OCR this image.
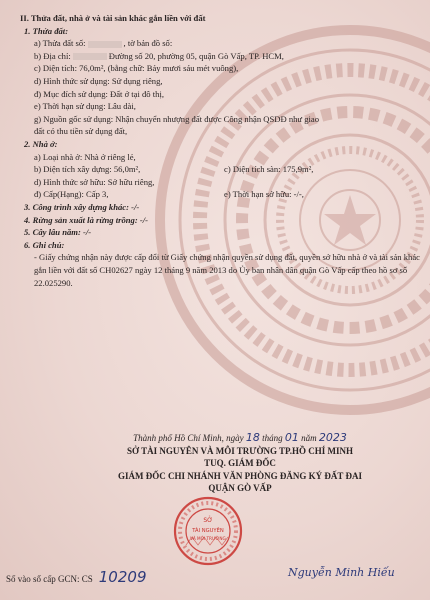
II. Thửa đất, nhà ở và tài sản khác gắn liền với đất
1. Thửa đất:
a) Thửa đất số:	, tờ bản đồ số:
b) Địa chỉ:	Đường số 20, phường 05, quận Gò Vấp, TP. HCM,
c) Diện tích: 76,0m², (bằng chữ: Bảy mươi sáu mét vuông),
d) Hình thức sử dụng: Sử dụng riêng,
đ) Mục đích sử dụng: Đất ở tại đô thị,
e) Thời hạn sử dụng: Lâu dài,
g) Nguồn gốc sử dụng: Nhận chuyển nhượng đất được Công nhận QSDĐ như giao
đất có thu tiền sử dụng đất,
2. Nhà ở:
a) Loại nhà ở: Nhà ở riêng lẻ,
b) Diện tích xây dựng: 56,0m²,	c) Diện tích sàn: 175,9m²,
d) Hình thức sở hữu: Sở hữu riêng,
đ) Cấp(Hạng): Cấp 3,	e) Thời hạn sở hữu: -/-,
3. Công trình xây dựng khác: -/-
4. Rừng sản xuất là rừng trồng: -/-
5. Cây lâu năm: -/-
6. Ghi chú:
- Giấy chứng nhận này được cấp đổi từ Giấy chứng nhận quyền sử dụng đất, quyền sở hữu nhà ở và tài sản khác gắn liền với đất số CH02627 ngày 12 tháng 9 năm 2013 do Ủy ban nhân dân quận Gò Vấp cấp theo hồ sơ số 22.025290.
Thành phố Hồ Chí Minh, ngày 18 tháng 01 năm 2023
SỞ TÀI NGUYÊN VÀ MÔI TRƯỜNG TP.HỒ CHÍ MINH
TUQ. GIÁM ĐỐC
GIÁM ĐỐC CHI NHÁNH VĂN PHÒNG ĐĂNG KÝ ĐẤT ĐAI
QUẬN GÒ VẤP
SỞ
TÀI NGUYÊN
VÀ MÔI TRƯỜNG
Số vào sổ cấp GCN: CS 10209	Nguyễn Minh Hiếu
